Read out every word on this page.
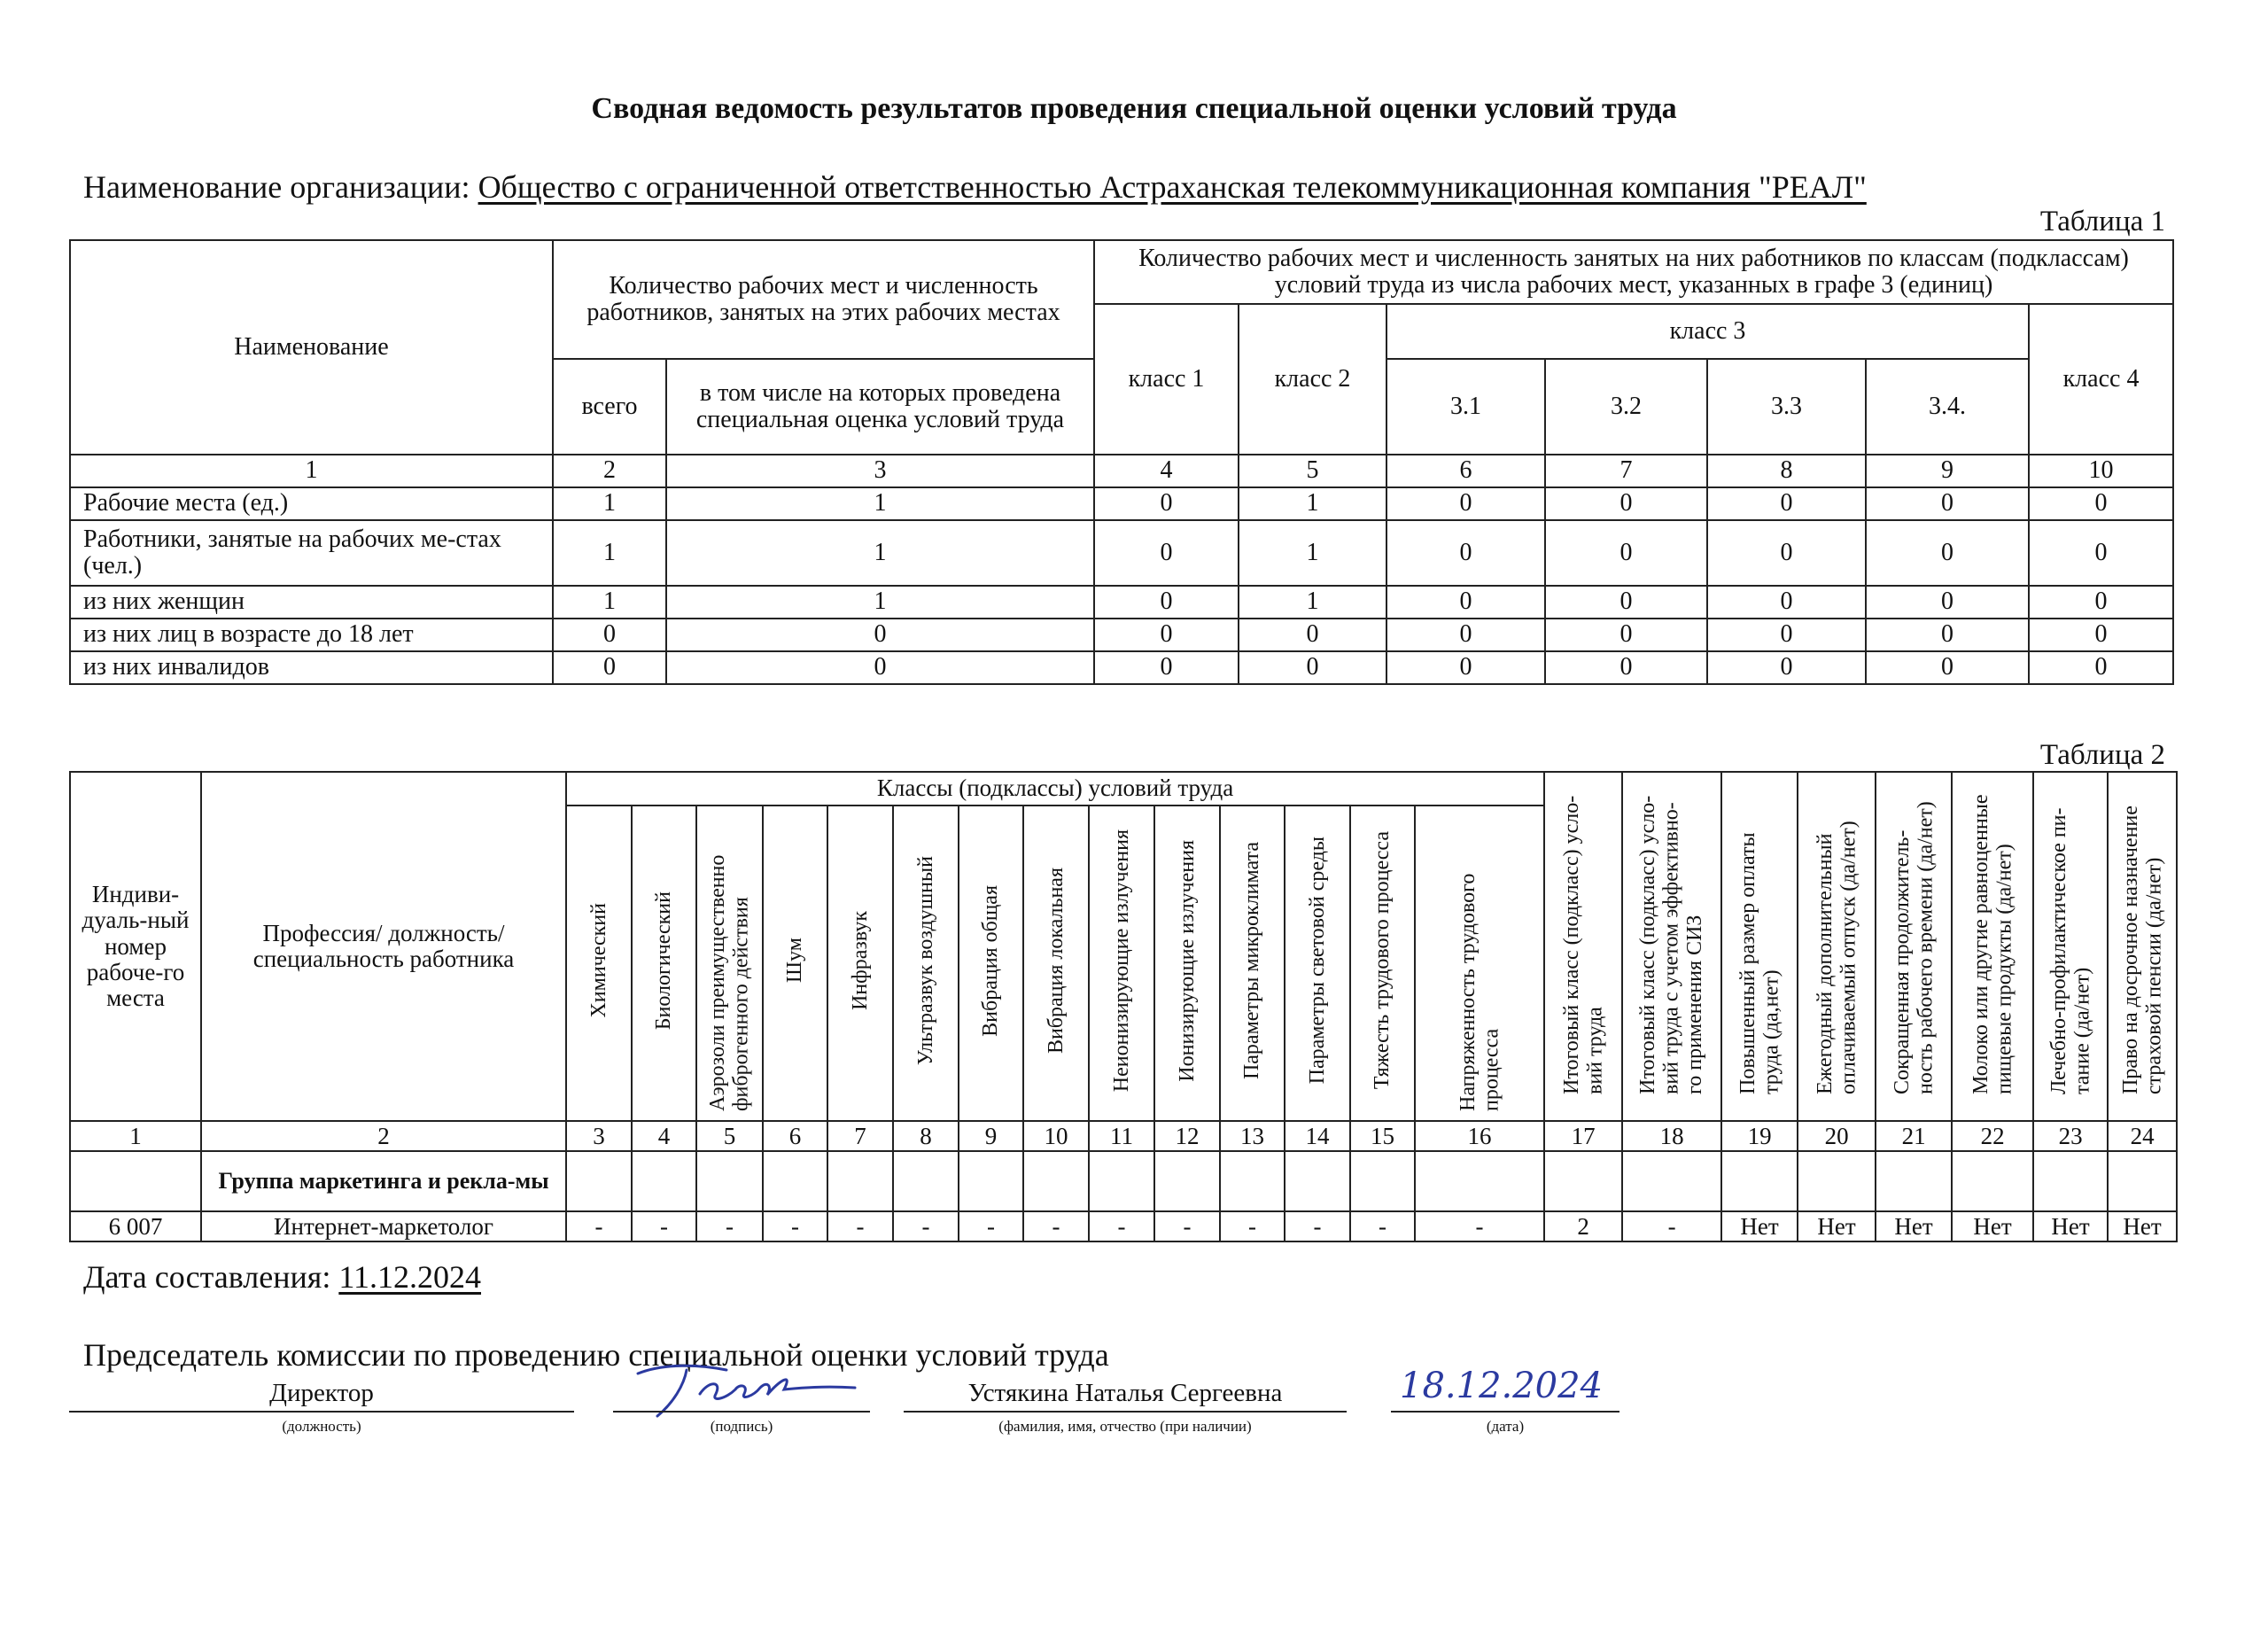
Сводная ведомость результатов проведения специальной оценки условий труда
Наименование организации: Общество с ограниченной ответственностью Астраханская телекоммуникационная компания "РЕАЛ"
Таблица 1
Наименование	Количество рабочих мест и численность работников, занятых на этих рабочих местах		Количество рабочих мест и численность занятых на них работников по классам (подклассам) условий труда из числа рабочих мест, указанных в графе 3 (единиц)						
			класс 1	класс 2	класс 3				класс 4
	всего	в том числе на которых проведена специальная оценка условий труда			3.1	3.2	3.3	3.4.	
1	2	3	4	5	6	7	8	9	10
Рабочие места (ед.)	1	1	0	1	0	0	0	0	0
Работники, занятые на рабочих ме-стах (чел.)	1	1	0	1	0	0	0	0	0
из них женщин	1	1	0	1	0	0	0	0	0
из них лиц в возрасте до 18 лет	0	0	0	0	0	0	0	0	0
из них инвалидов	0	0	0	0	0	0	0	0	0
Таблица 2
Индиви-дуаль-ный номер рабоче-го места	Профессия/ должность/ специальность работника	Классы (подклассы) условий труда														Итоговый класс (подкласс) усло-вий труда	Итоговый класс (подкласс) усло-вий труда с учетом эффективно-го применения СИЗ	Повышенный размер оплаты труда (да,нет)	Ежегодный дополнительный оплачиваемый отпуск (да/нет)	Сокращенная продолжитель-ность рабочего времени (да/нет)	Молоко или другие равноценные пищевые продукты (да/нет)	Лечебно-профилактическое пи-тание (да/нет)	Право на досрочное назначение страховой пенсии (да/нет)
		Химический	Биологический	Аэрозоли преимущественно фиброгенного действия	Шум	Инфразвук	Ультразвук воздушный	Вибрация общая	Вибрация локальная	Неионизирующие излучения	Ионизирующие излучения	Параметры микроклимата	Параметры световой среды	Тяжесть трудового процесса	Напряженность трудового процесса								
1	2	3	4	5	6	7	8	9	10	11	12	13	14	15	16	17	18	19	20	21	22	23	24
	Группа маркетинга и рекла-мы																						
6 007	Интернет-маркетолог	-	-	-	-	-	-	-	-	-	-	-	-	-	-	2	-	Нет	Нет	Нет	Нет	Нет	Нет
Дата составления: 11.12.2024
Председатель комиссии по проведению специальной оценки условий труда
Директор
(должность)	(подпись)
Устякина Наталья Сергеевна
(фамилия, имя, отчество (при наличии)
18.12.2024
(дата)
